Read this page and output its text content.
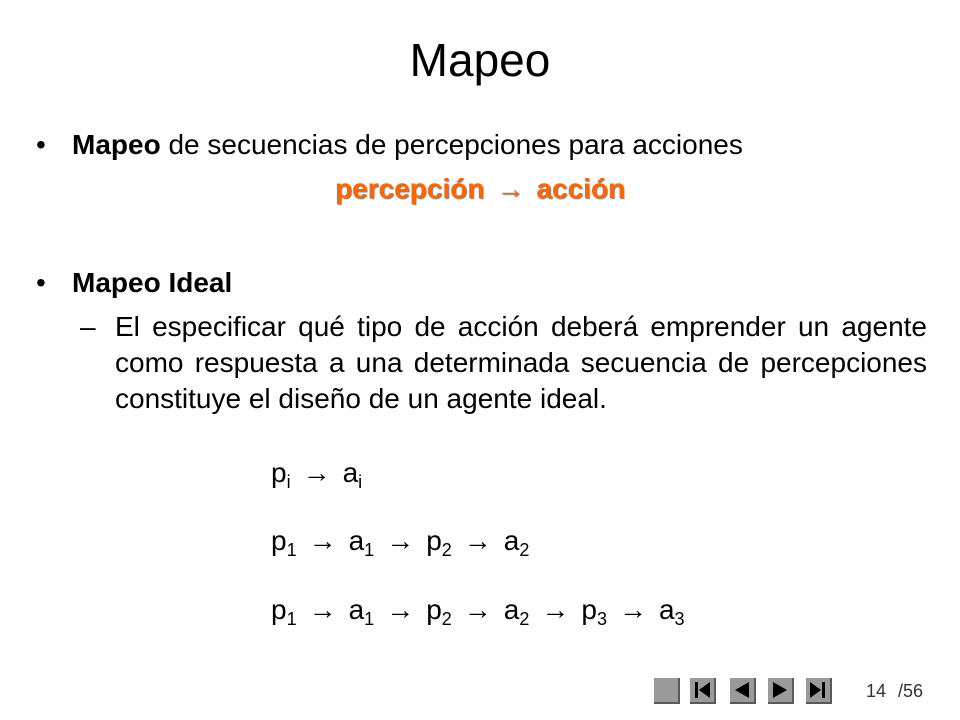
Mapeo
• Mapeo de secuencias de percepciones para acciones
percepción → acción
• Mapeo Ideal
– El especificar qué tipo de acción deberá emprender un agente como respuesta a una determinada secuencia de percepciones constituye el diseño de un agente ideal.
$p_i \to a_i$
$p_1 \to a_1 \to p_2 \to a_2$
$p_1 \to a_1 \to p_2 \to a_2 \to p_3 \to a_3$
14 /56
